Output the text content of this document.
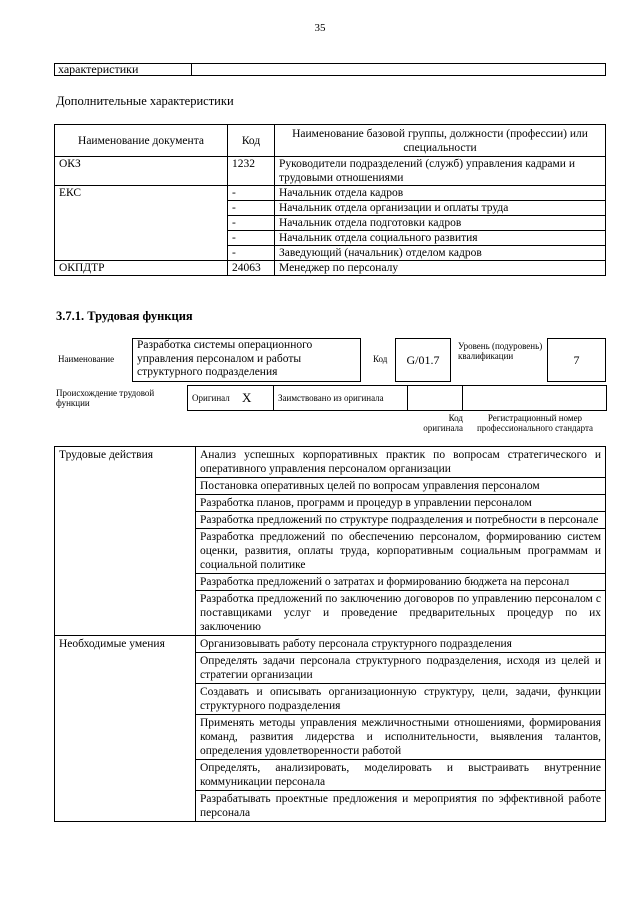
35
характеристики	
Дополнительные характеристики
Наименование документа	Код	Наименование базовой группы, должности (профессии) или специальности
ОКЗ	1232	Руководители подразделений (служб) управления кадрами и трудовыми отношениями
ЕКС	-	Начальник отдела кадров
	-	Начальник отдела организации и оплаты труда
	-	Начальник отдела подготовки кадров
	-	Начальник отдела социального развития
	-	Заведующий (начальник) отделом кадров
ОКПДТР	24063	Менеджер по персоналу
3.7.1. Трудовая функция
Наименование
Разработка системы операционного управления персоналом и работы структурного подразделения
Код	G/01.7
Уровень (подуровень) квалификации	7
Происхождение трудовой функции	Оригинал X	Заимствовано из оригинала
Код оригинала
Регистрационный номер профессионального стандарта
Трудовые действия	Анализ успешных корпоративных практик по вопросам стратегического и оперативного управления персоналом организации
	Постановка оперативных целей по вопросам управления персоналом
	Разработка планов, программ и процедур в управлении персоналом
	Разработка предложений по структуре подразделения и потребности в персонале
	Разработка предложений по обеспечению персоналом, формированию систем оценки, развития, оплаты труда, корпоративным социальным программам и социальной политике
	Разработка предложений о затратах и формированию бюджета на персонал
	Разработка предложений по заключению договоров по управлению персоналом с поставщиками услуг и проведение предварительных процедур по их заключению
Необходимые умения	Организовывать работу персонала структурного подразделения
	Определять задачи персонала структурного подразделения, исходя из целей и стратегии организации
	Создавать и описывать организационную структуру, цели, задачи, функции структурного подразделения
	Применять методы управления межличностными отношениями, формирования команд, развития лидерства и исполнительности, выявления талантов, определения удовлетворенности работой
	Определять, анализировать, моделировать и выстраивать внутренние коммуникации персонала
	Разрабатывать проектные предложения и мероприятия по эффективной работе персонала
